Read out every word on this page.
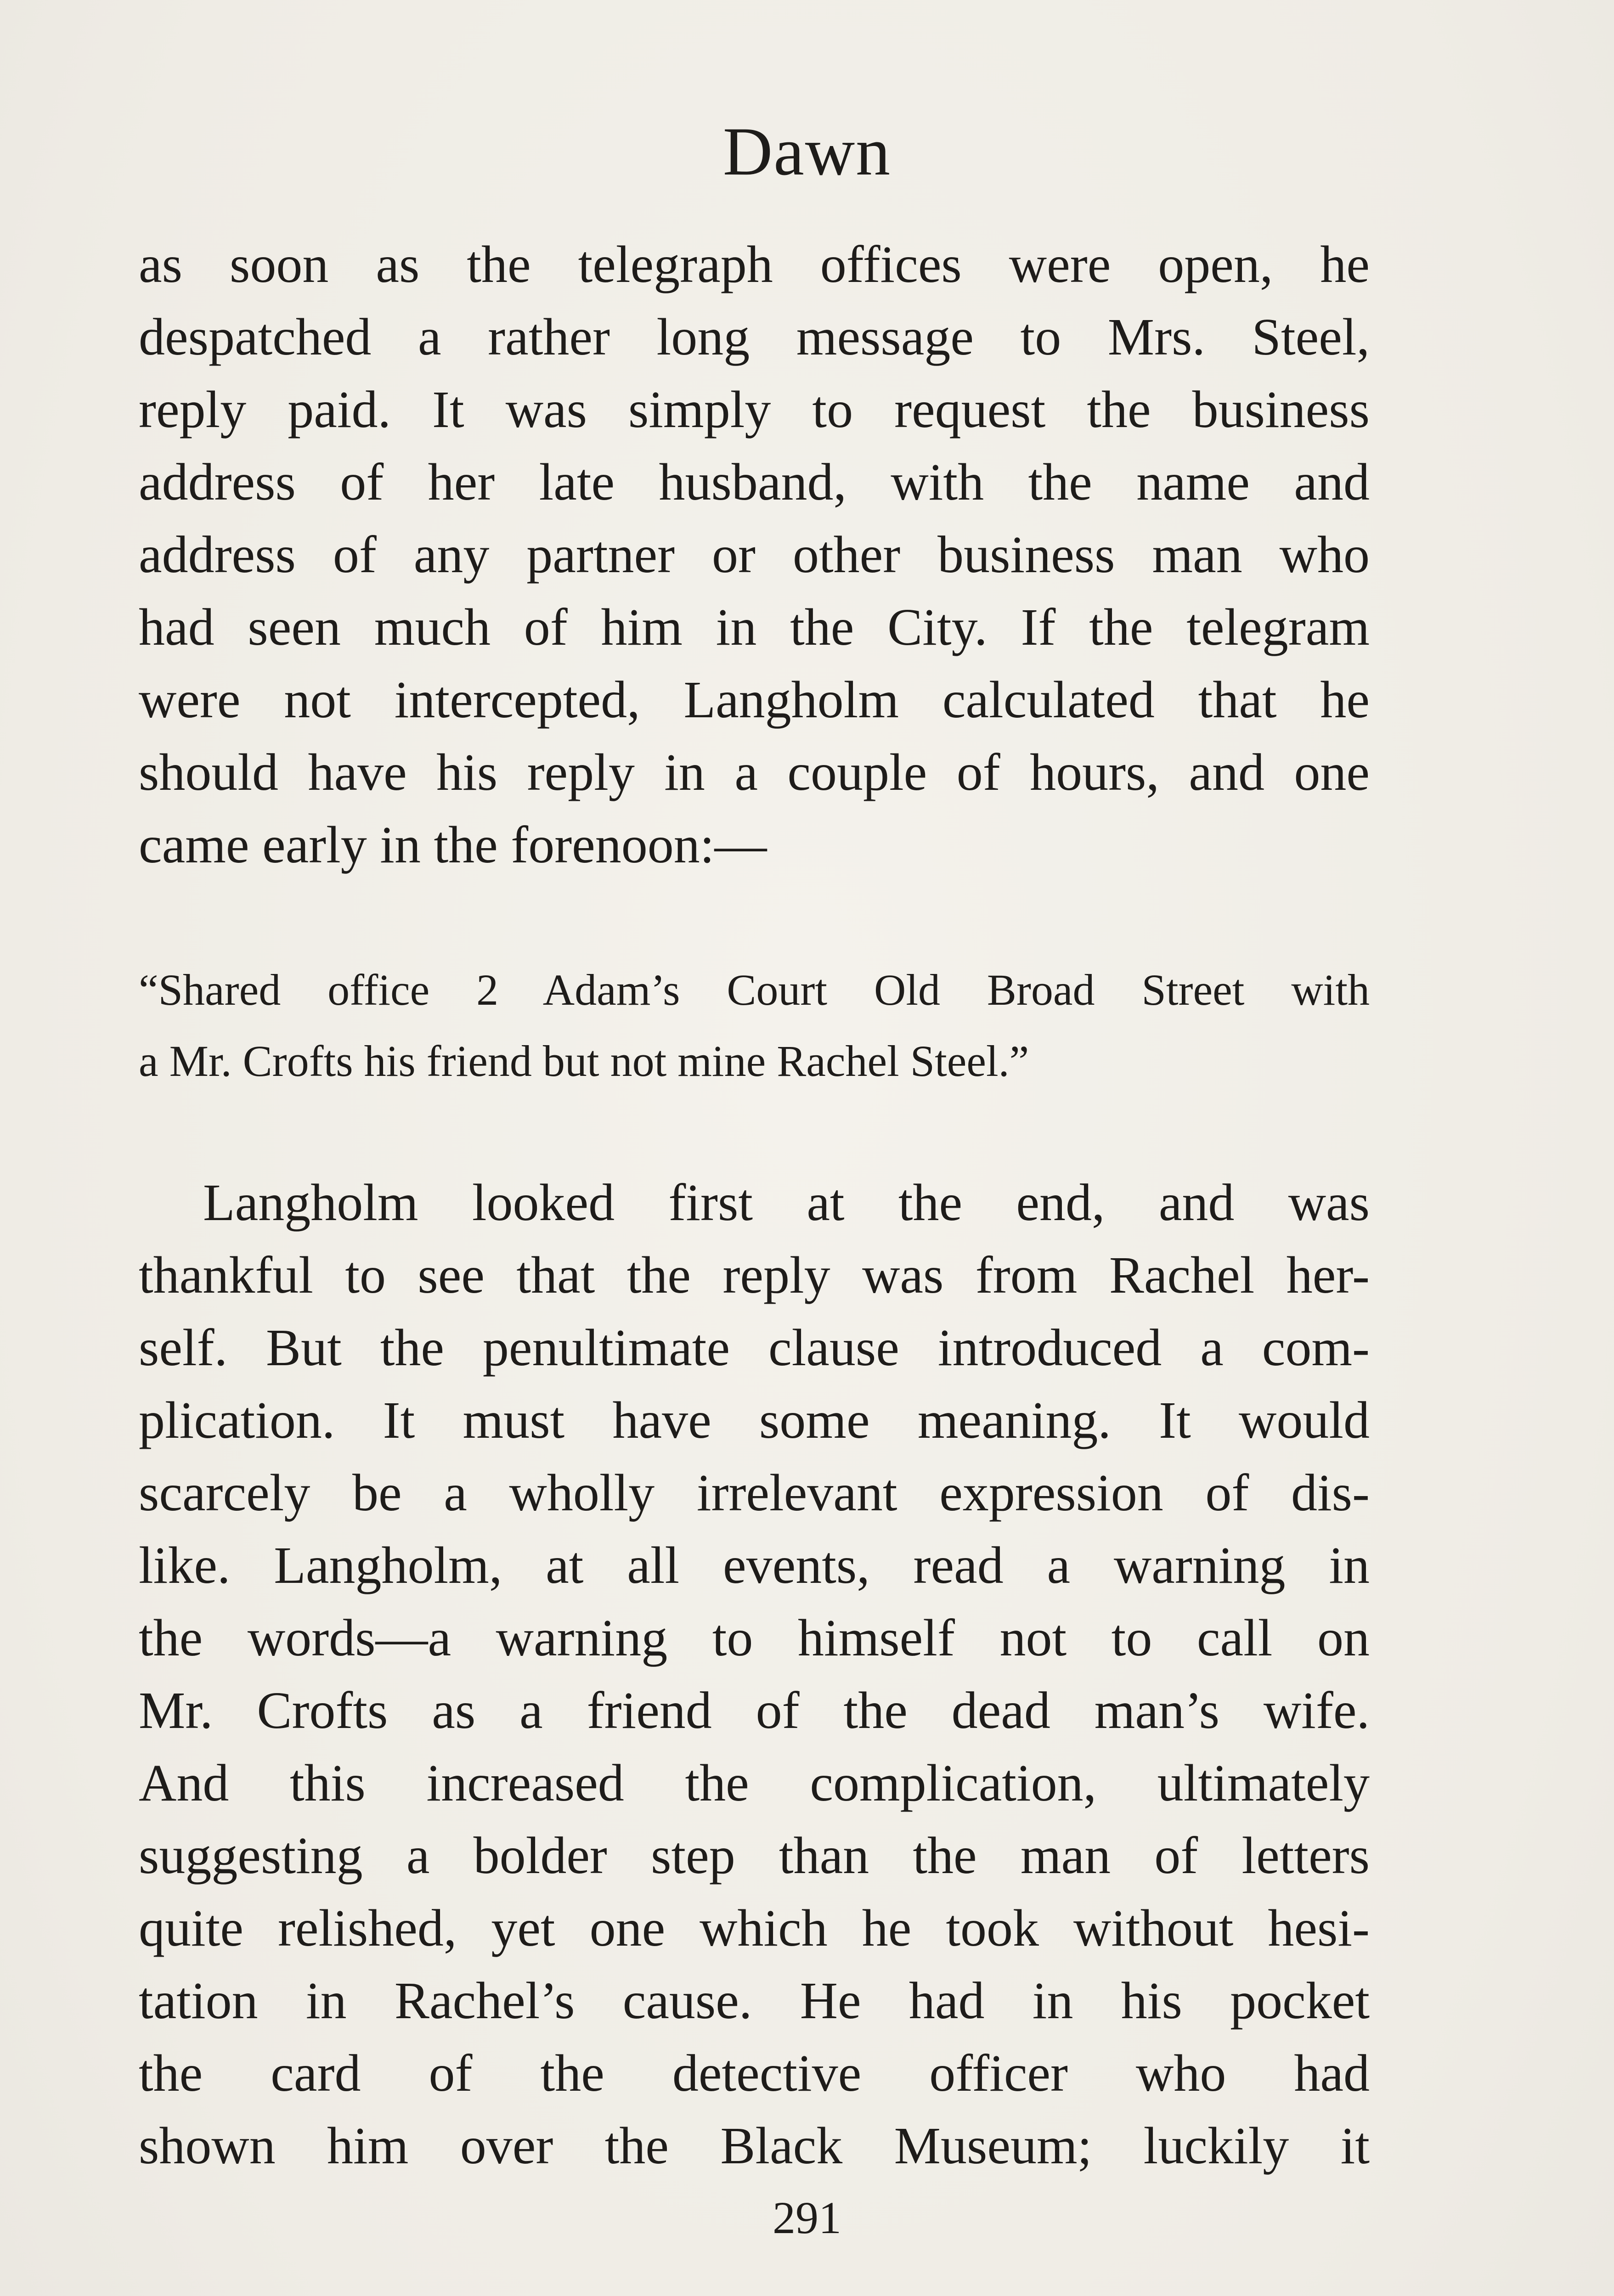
Dawn
as soon as the telegraph offices were open, he
despatched a rather long message to Mrs. Steel,
reply paid. It was simply to request the business
address of her late husband, with the name and
address of any partner or other business man who
had seen much of him in the City. If the telegram
were not intercepted, Langholm calculated that he
should have his reply in a couple of hours, and one
came early in the forenoon:—
“Shared office 2 Adam’s Court Old Broad Street with
a Mr. Crofts his friend but not mine Rachel Steel.”
Langholm looked first at the end, and was
thankful to see that the reply was from Rachel her-
self. But the penultimate clause introduced a com-
plication. It must have some meaning. It would
scarcely be a wholly irrelevant expression of dis-
like. Langholm, at all events, read a warning in
the words—a warning to himself not to call on
Mr. Crofts as a friend of the dead man’s wife.
And this increased the complication, ultimately
suggesting a bolder step than the man of letters
quite relished, yet one which he took without hesi-
tation in Rachel’s cause. He had in his pocket
the card of the detective officer who had
shown him over the Black Museum; luckily it
291
